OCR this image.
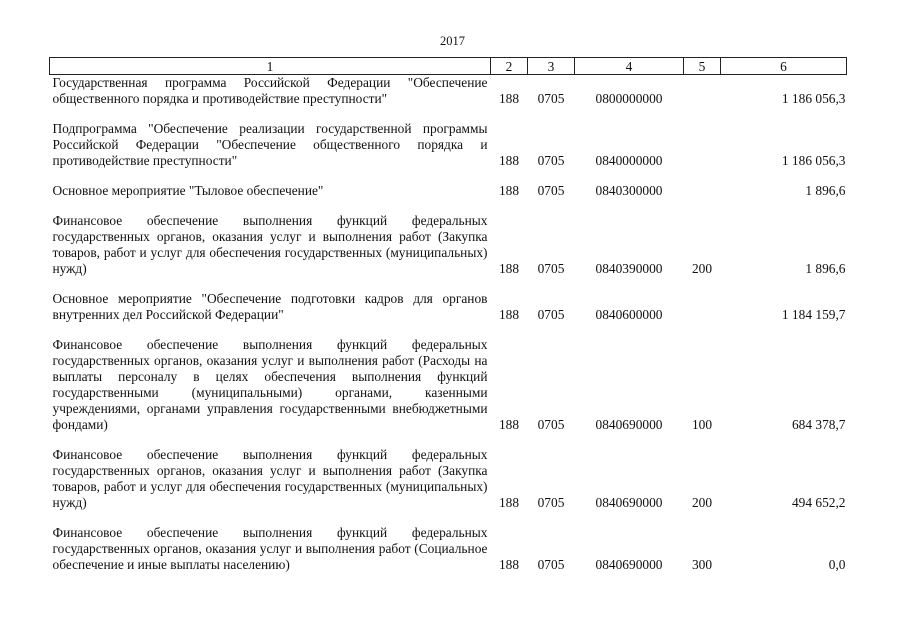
2017
1	2	3	4	5	6
Государственная программа Российской Федерации "Обеспечение общественного порядка и противодействие преступности"	188	0705	0800000000		1 186 056,3

Подпрограмма "Обеспечение реализации государственной программы Российской Федерации "Обеспечение общественного порядка и противодействие преступности"	188	0705	0840000000		1 186 056,3

Основное мероприятие "Тыловое обеспечение"	188	0705	0840300000		1 896,6

Финансовое обеспечение выполнения функций федеральных государственных органов, оказания услуг и выполнения работ (Закупка товаров, работ и услуг для обеспечения государственных (муниципальных) нужд)	188	0705	0840390000	200	1 896,6

Основное мероприятие "Обеспечение подготовки кадров для органов внутренних дел Российской Федерации"	188	0705	0840600000		1 184 159,7

Финансовое обеспечение выполнения функций федеральных государственных органов, оказания услуг и выполнения работ (Расходы на выплаты персоналу в целях обеспечения выполнения функций государственными (муниципальными) органами, казенными учреждениями, органами управления государственными внебюджетными фондами)	188	0705	0840690000	100	684 378,7

Финансовое обеспечение выполнения функций федеральных государственных органов, оказания услуг и выполнения работ (Закупка товаров, работ и услуг для обеспечения государственных (муниципальных) нужд)	188	0705	0840690000	200	494 652,2

Финансовое обеспечение выполнения функций федеральных государственных органов, оказания услуг и выполнения работ (Социальное обеспечение и иные выплаты населению)	188	0705	0840690000	300	0,0
